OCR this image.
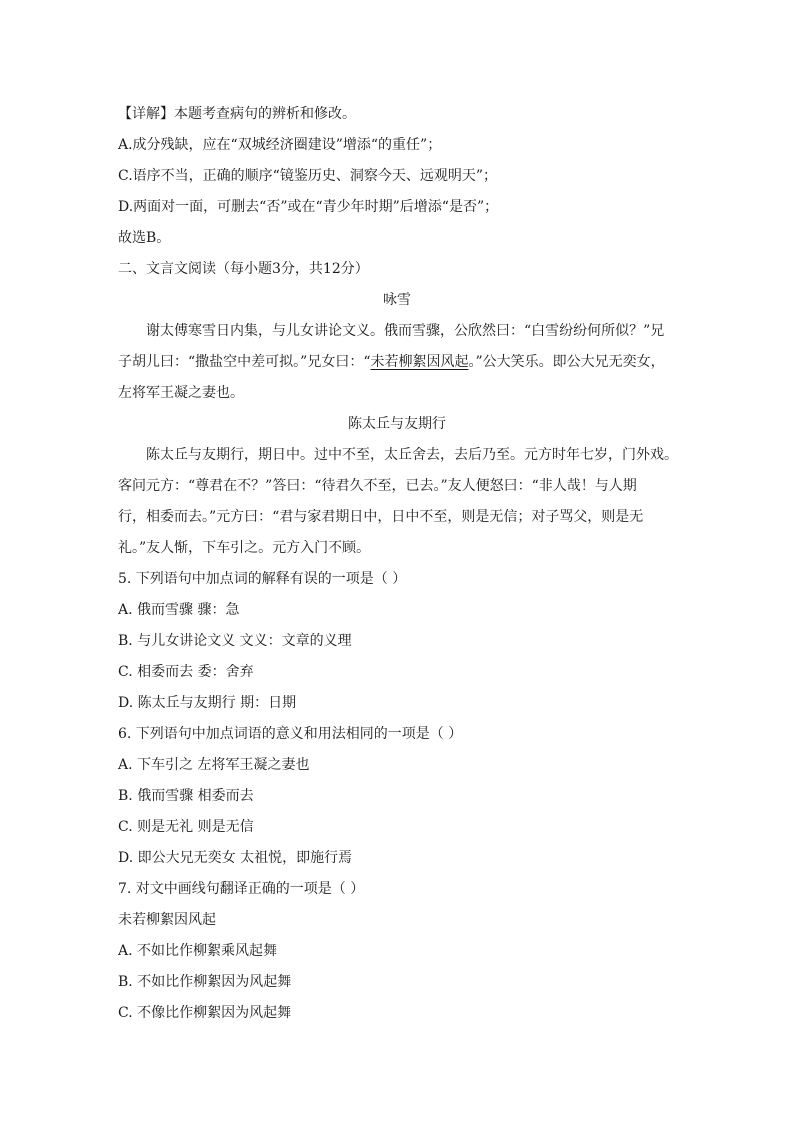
【详解】本题考查病句的辨析和修改。
A.成分残缺，应在“双城经济圈建设”增添“的重任”；
C.语序不当，正确的顺序“镜鉴历史、洞察今天、远观明天”；
D.两面对一面，可删去“否”或在“青少年时期”后增添“是否”；
故选B。
二、文言文阅读（每小题3分，共12分）
咏雪
谢太傅寒雪日内集，与儿女讲论文义。俄而雪骤，公欣然曰：“白雪纷纷何所似？”兄
子胡儿曰：“撒盐空中差可拟。”兄女曰：“未若柳絮因风起。”公大笑乐。即公大兄无奕女，
左将军王凝之妻也。
陈太丘与友期行
陈太丘与友期行，期日中。过中不至，太丘舍去，去后乃至。元方时年七岁，门外戏。
客问元方：“尊君在不？”答曰：“待君久不至，已去。”友人便怒曰：“非人哉！与人期
行，相委而去。”元方曰：“君与家君期日中，日中不至，则是无信；对子骂父，则是无
礼。”友人惭，下车引之。元方入门不顾。
5. 下列语句中加点词的解释有误的一项是（ ）
A. 俄而雪骤 骤：急
B. 与儿女讲论文义 文义：文章的义理
C. 相委而去 委：舍弃
D. 陈太丘与友期行 期：日期
6. 下列语句中加点词语的意义和用法相同的一项是（ ）
A. 下车引之 左将军王凝之妻也
B. 俄而雪骤 相委而去
C. 则是无礼 则是无信
D. 即公大兄无奕女 太祖悦，即施行焉
7. 对文中画线句翻译正确的一项是（ ）
未若柳絮因风起
A. 不如比作柳絮乘风起舞
B. 不如比作柳絮因为风起舞
C. 不像比作柳絮因为风起舞
